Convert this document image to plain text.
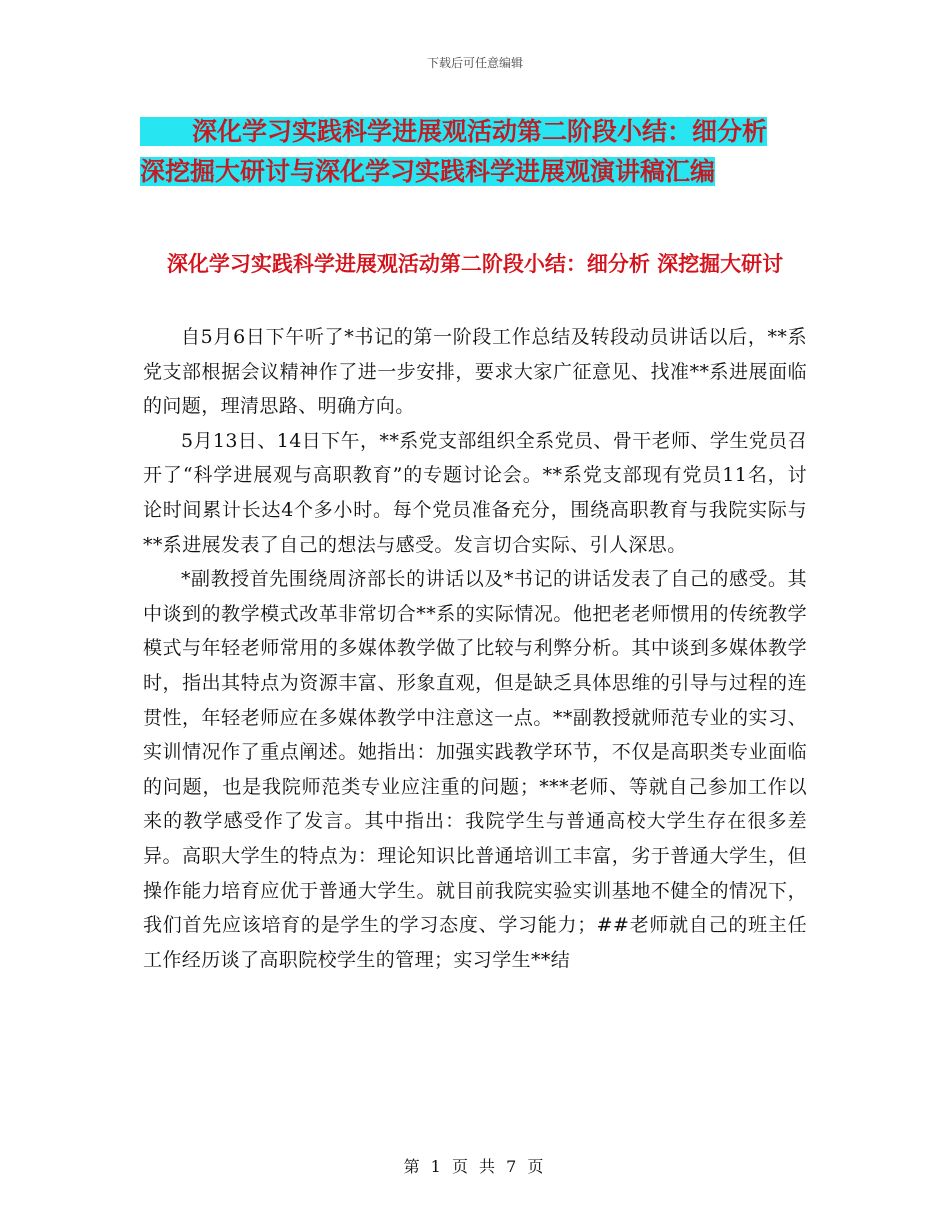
下载后可任意编辑
深化学习实践科学进展观活动第二阶段小结：细分析
深挖掘大研讨与深化学习实践科学进展观演讲稿汇编
深化学习实践科学进展观活动第二阶段小结：细分析 深挖掘大研讨

自5月6日下午听了*书记的第一阶段工作总结及转段动员讲话以后，**系党支部根据会议精神作了进一步安排，要求大家广征意见、找准**系进展面临的问题，理清思路、明确方向。

5月13日、14日下午，**系党支部组织全系党员、骨干老师、学生党员召开了“科学进展观与高职教育”的专题讨论会。**系党支部现有党员11名，讨论时间累计长达4个多小时。每个党员准备充分，围绕高职教育与我院实际与**系进展发表了自己的想法与感受。发言切合实际、引人深思。

*副教授首先围绕周济部长的讲话以及*书记的讲话发表了自己的感受。其中谈到的教学模式改革非常切合**系的实际情况。他把老老师惯用的传统教学模式与年轻老师常用的多媒体教学做了比较与利弊分析。其中谈到多媒体教学时，指出其特点为资源丰富、形象直观，但是缺乏具体思维的引导与过程的连贯性，年轻老师应在多媒体教学中注意这一点。**副教授就师范专业的实习、实训情况作了重点阐述。她指出：加强实践教学环节，不仅是高职类专业面临的问题，也是我院师范类专业应注重的问题；***老师、等就自己参加工作以来的教学感受作了发言。其中指出：我院学生与普通高校大学生存在很多差异。高职大学生的特点为：理论知识比普通培训工丰富，劣于普通大学生，但操作能力培育应优于普通大学生。就目前我院实验实训基地不健全的情况下，我们首先应该培育的是学生的学习态度、学习能力；##老师就自己的班主任工作经历谈了高职院校学生的管理；实习学生**结

第 1 页 共 7 页
